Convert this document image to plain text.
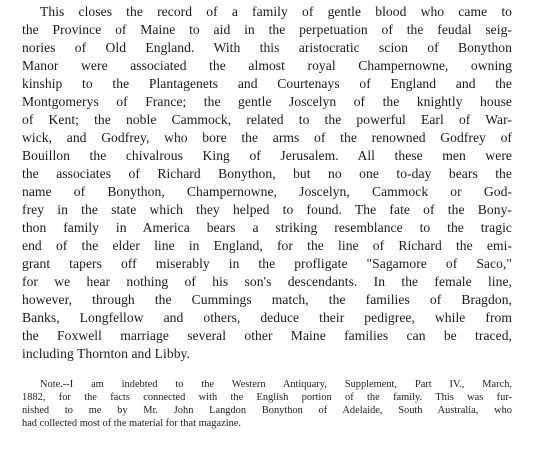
This closes the record of a family of gentle blood who came to
the Province of Maine to aid in the perpetuation of the feudal seig-
nories of Old England. With this aristocratic scion of Bonython
Manor were associated the almost royal Champernowne, owning
kinship to the Plantagenets and Courtenays of England and the
Montgomerys of France; the gentle Joscelyn of the knightly house
of Kent; the noble Cammock, related to the powerful Earl of War-
wick, and Godfrey, who bore the arms of the renowned Godfrey of
Bouillon the chivalrous King of Jerusalem. All these men were
the associates of Richard Bonython, but no one to-day bears the
name of Bonython, Champernowne, Joscelyn, Cammock or God-
frey in the state which they helped to found. The fate of the Bony-
thon family in America bears a striking resemblance to the tragic
end of the elder line in England, for the line of Richard the emi-
grant tapers off miserably in the profligate "Sagamore of Saco,"
for we hear nothing of his son's descendants. In the female line,
however, through the Cummings match, the families of Bragdon,
Banks, Longfellow and others, deduce their pedigree, while from
the Foxwell marriage several other Maine families can be traced,
including Thornton and Libby.
Note.--I am indebted to the Western Antiquary, Supplement, Part IV., March,
1882, for the facts connected with the English portion of the family. This was fur-
nished to me by Mr. John Langdon Bonython of Adelaide, South Australia, who
had collected most of the material for that magazine.
